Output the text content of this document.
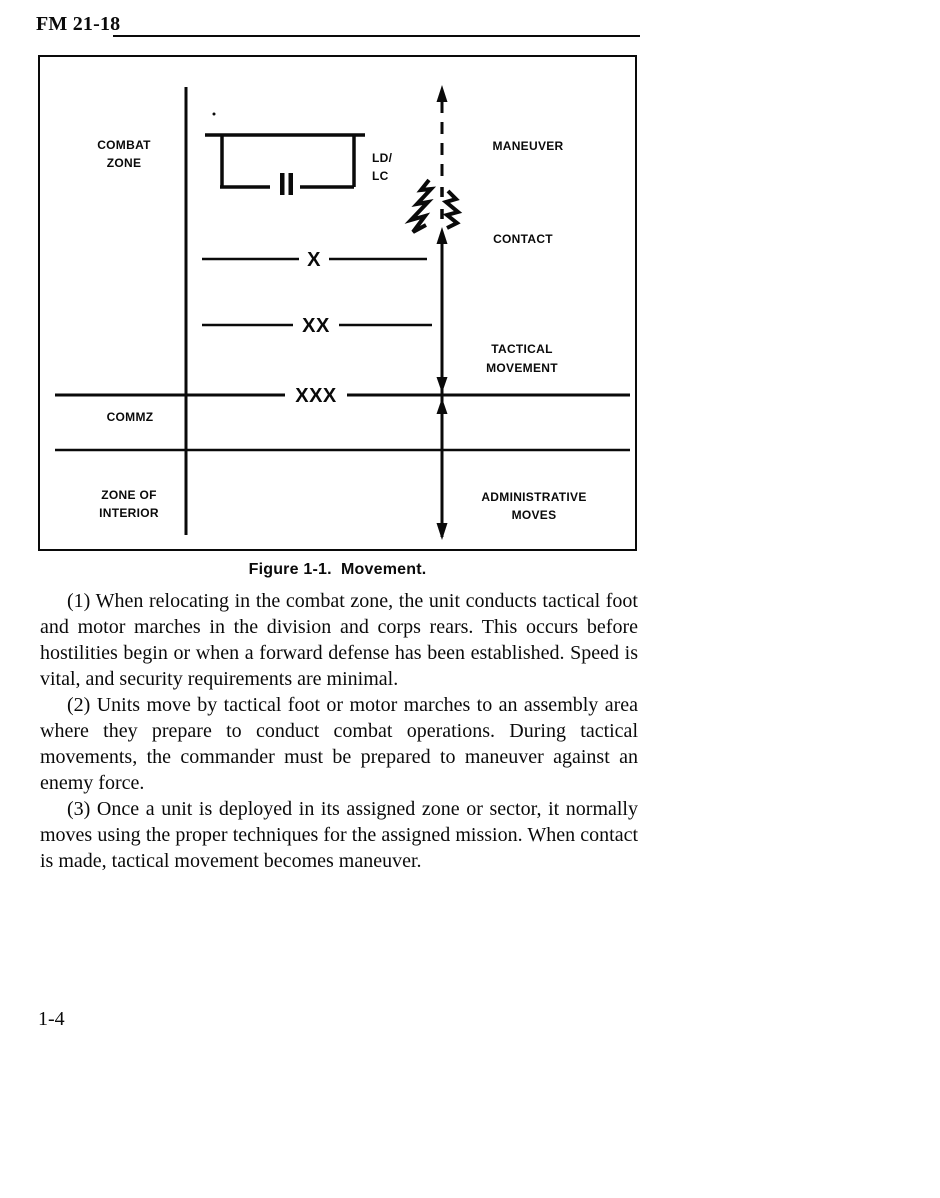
FM 21-18
X
XX
XXX
COMBAT
ZONE	LD/
LC
MANEUVER
CONTACT
TACTICAL
MOVEMENT
COMMZ
ZONE OF
INTERIOR
ADMINISTRATIVE
MOVES
Figure 1-1.  Movement.

(1) When relocating in the combat zone, the unit conducts tactical foot and motor marches in the division and corps rears. This occurs before hostilities begin or when a forward defense has been established. Speed is vital, and security requirements are minimal.

(2) Units move by tactical foot or motor marches to an assembly area where they prepare to conduct combat operations. During tactical movements, the commander must be prepared to maneuver against an enemy force.

(3) Once a unit is deployed in its assigned zone or sector, it normally moves using the proper techniques for the assigned mission. When contact is made, tactical movement becomes maneuver.

1-4
